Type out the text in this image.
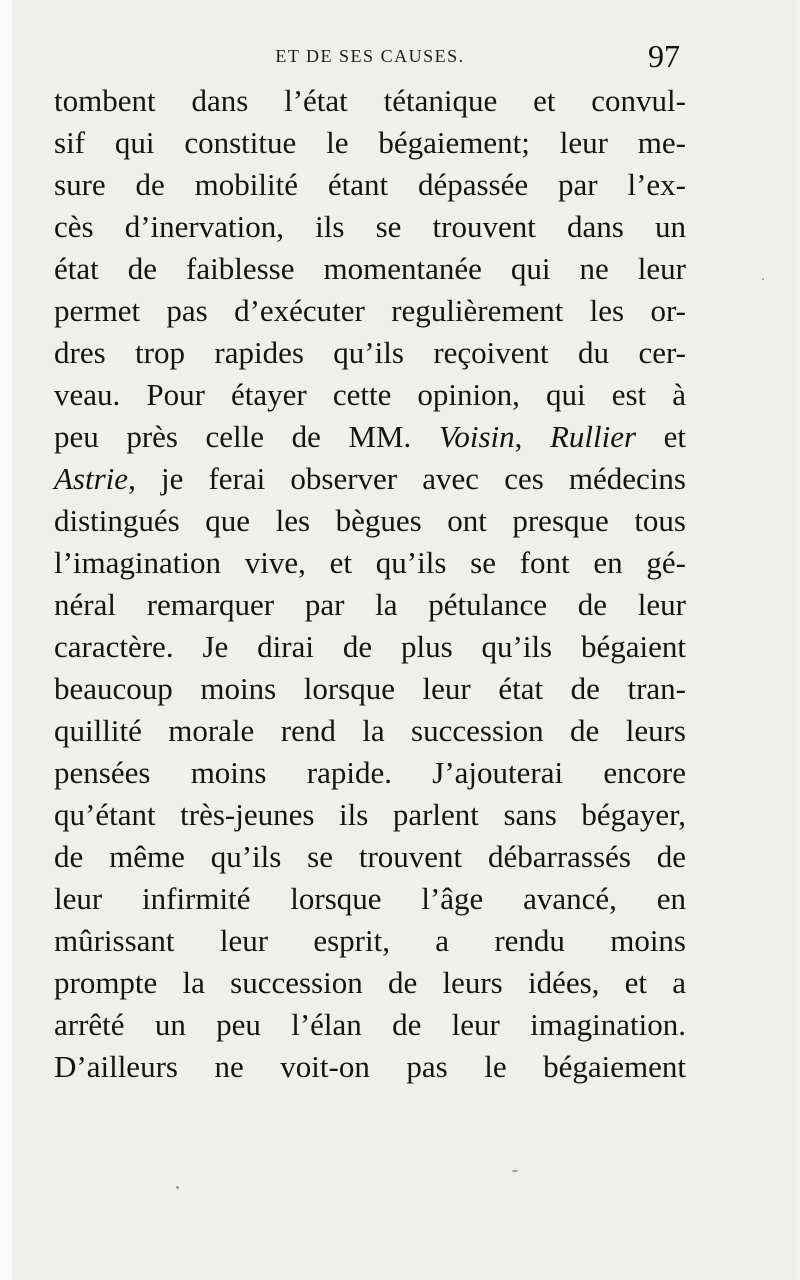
ET DE SES CAUSES.	97
tombent dans l’état tétanique et convul-
sif qui constitue le bégaiement; leur me-
sure de mobilité étant dépassée par l’ex-
cès d’inervation, ils se trouvent dans un
état de faiblesse momentanée qui ne leur
permet pas d’exécuter regulièrement les or-
dres trop rapides qu’ils reçoivent du cer-
veau. Pour étayer cette opinion, qui est à
peu près celle de MM. Voisin, Rullier et
Astrie, je ferai observer avec ces médecins
distingués que les bègues ont presque tous
l’imagination vive, et qu’ils se font en gé-
néral remarquer par la pétulance de leur
caractère. Je dirai de plus qu’ils bégaient
beaucoup moins lorsque leur état de tran-
quillité morale rend la succession de leurs
pensées moins rapide. J’ajouterai encore
qu’étant très-jeunes ils parlent sans bégayer,
de même qu’ils se trouvent débarrassés de
leur infirmité lorsque l’âge avancé, en
mûrissant leur esprit, a rendu moins
prompte la succession de leurs idées, et a
arrêté un peu l’élan de leur imagination.
D’ailleurs ne voit-on pas le bégaiement
